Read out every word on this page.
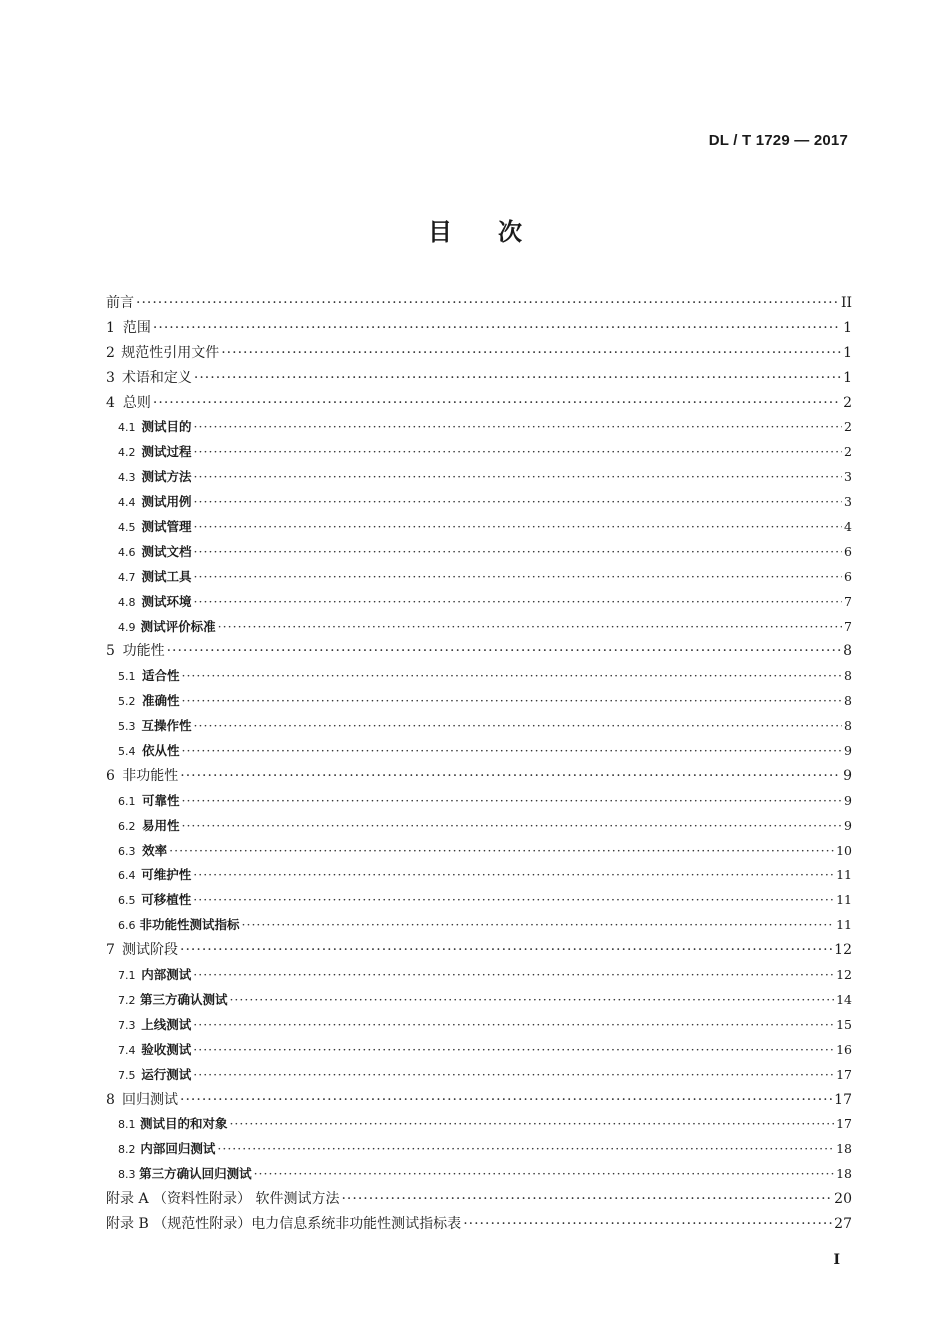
DL / T 1729 — 2017
目次
前言 ·····	II
1 范围 ·····	1
2 规范性引用文件 ·····	1
3 术语和定义 ·····	1
4 总则 ·····	2
4.1 测试目的 ·····	2
4.2 测试过程 ·····	2
4.3 测试方法 ·····	3
4.4 测试用例 ·····	3
4.5 测试管理 ·····	4
4.6 测试文档 ·····	6
4.7 测试工具 ·····	6
4.8 测试环境 ·····	7
4.9 测试评价标准 ·····	7
5 功能性 ·····	8
5.1 适合性 ·····	8
5.2 准确性 ·····	8
5.3 互操作性 ·····	8
5.4 依从性 ·····	9
6 非功能性 ·····	9
6.1 可靠性 ·····	9
6.2 易用性 ·····	9
6.3 效率 ·····	10
6.4 可维护性 ·····	11
6.5 可移植性 ·····	11
6.6 非功能性测试指标 ·····	11
7 测试阶段 ·····	12
7.1 内部测试 ·····	12
7.2 第三方确认测试 ·····	14
7.3 上线测试 ·····	15
7.4 验收测试 ·····	16
7.5 运行测试 ·····	17
8 回归测试 ·····	17
8.1 测试目的和对象 ·····	17
8.2 内部回归测试 ·····	18
8.3 第三方确认回归测试 ·····	18
附录 A （资料性附录） 软件测试方法 ·····	20
附录 B （规范性附录）电力信息系统非功能性测试指标表 ·····	27
I
